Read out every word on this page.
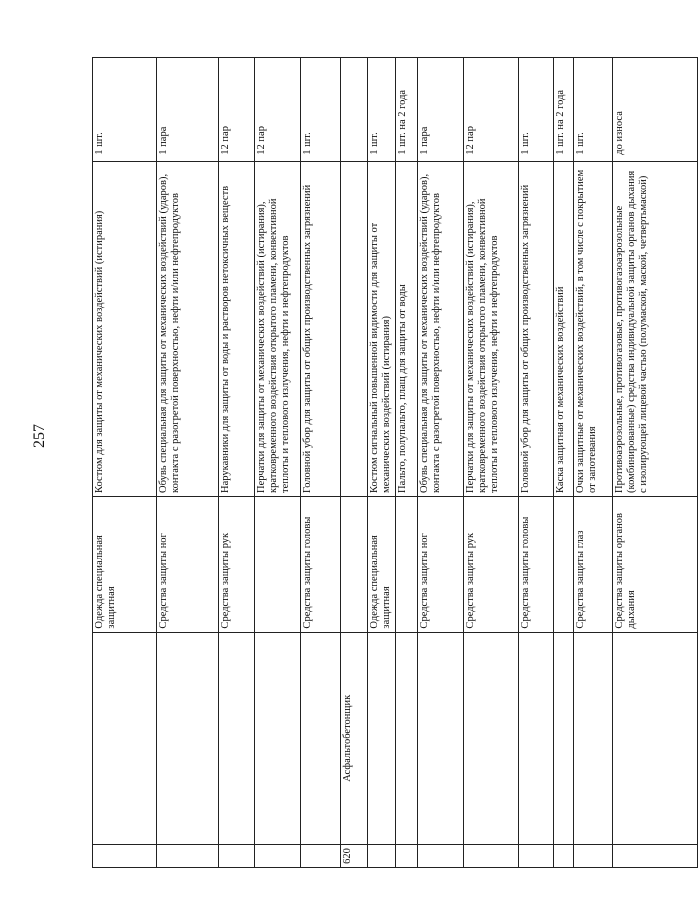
257
		Одежда специальная защитная	Костюм для защиты от механических воздействий (истирания)	1 шт.
		Средства защиты ног	Обувь специальная для защиты от механических воздействий (ударов), контакта с разогретой поверхностью, нефти и/или нефтепродуктов	1 пара
		Средства защиты рук	Нарукавники для защиты от воды и растворов нетоксичных веществ	12 пар
			Перчатки для защиты от механических воздействий (истирания), кратковременного воздействия открытого пламени, конвективной теплоты и теплового излучения, нефти и нефтепродуктов	12 пар
		Средства защиты головы	Головной убор для защиты от общих производственных загрязнений	1 шт.
620	Асфальтобетонщик			
		Одежда специальная защитная	Костюм сигнальный повышенной видимости для защиты от механических воздействий (истирания)	1 шт.
			Пальто, полупальто, плащ для защиты от воды	1 шт. на 2 года
		Средства защиты ног	Обувь специальная для защиты от механических воздействий (ударов), контакта с разогретой поверхностью, нефти и/или нефтепродуктов	1 пара
		Средства защиты рук	Перчатки для защиты от механических воздействий (истирания), кратковременного воздействия открытого пламени, конвективной теплоты и теплового излучения, нефти и нефтепродуктов	12 пар
		Средства защиты головы	Головной убор для защиты от общих производственных загрязнений	1 шт.
			Каска защитная от механических воздействий	1 шт. на 2 года
		Средства защиты глаз	Очки защитные от механических воздействий, в том числе с покрытием от запотевания	1 шт.
		Средства защиты органов дыхания	Противоаэрозольные, противогазовые, противогазоаэрозольные (комбинированные) средства индивидуальной защиты органов дыхания с изолирующей лицевой частью (полумаской, маской, четвертьмаской)	до износа
